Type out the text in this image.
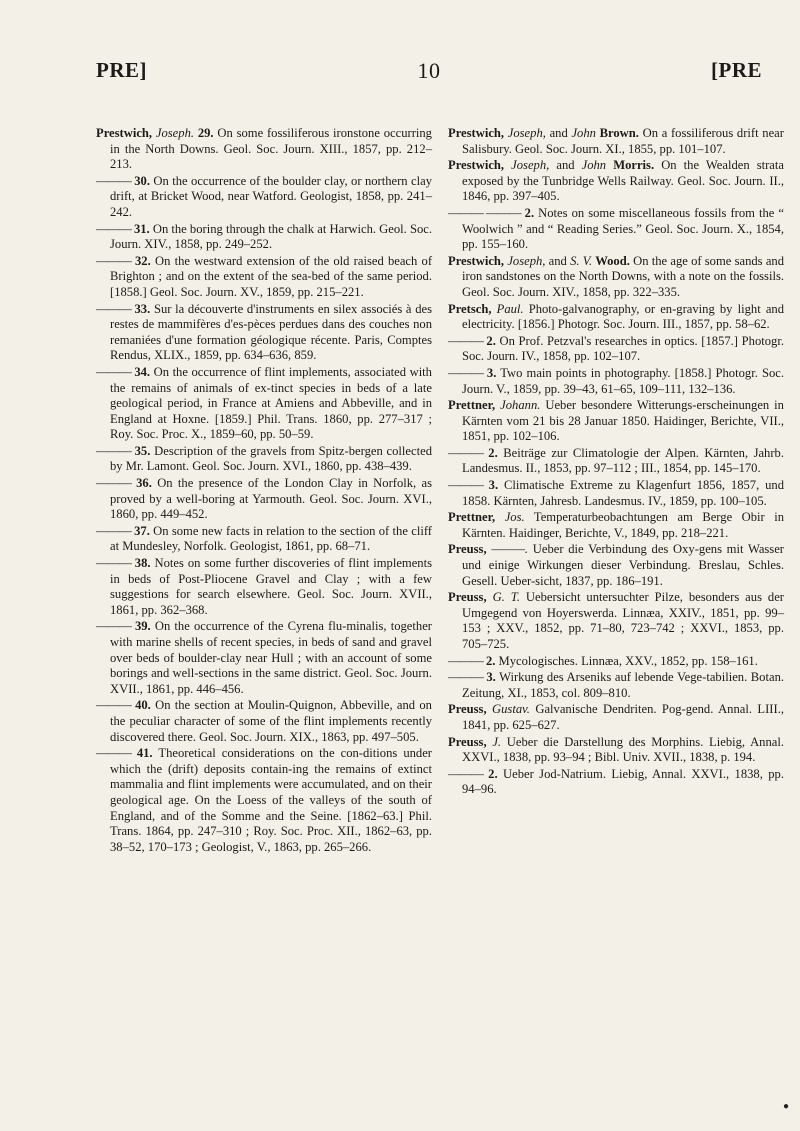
PRE]	10	[PRE

Prestwich, Joseph. 29. On some fossiliferous ironstone occurring in the North Downs. Geol. Soc. Journ. XIII., 1857, pp. 212–213.

——— 30. On the occurrence of the boulder clay, or northern clay drift, at Bricket Wood, near Watford. Geologist, 1858, pp. 241–242.

——— 31. On the boring through the chalk at Harwich. Geol. Soc. Journ. XIV., 1858, pp. 249–252.

——— 32. On the westward extension of the old raised beach of Brighton ; and on the extent of the sea-bed of the same period. [1858.] Geol. Soc. Journ. XV., 1859, pp. 215–221.

——— 33. Sur la découverte d'instruments en silex associés à des restes de mammifères d'es-pèces perdues dans des couches non remaniées d'une formation géologique récente. Paris, Comptes Rendus, XLIX., 1859, pp. 634–636, 859.

——— 34. On the occurrence of flint implements, associated with the remains of animals of ex-tinct species in beds of a late geological period, in France at Amiens and Abbeville, and in England at Hoxne. [1859.] Phil. Trans. 1860, pp. 277–317 ; Roy. Soc. Proc. X., 1859–60, pp. 50–59.

——— 35. Description of the gravels from Spitz-bergen collected by Mr. Lamont. Geol. Soc. Journ. XVI., 1860, pp. 438–439.

——— 36. On the presence of the London Clay in Norfolk, as proved by a well-boring at Yarmouth. Geol. Soc. Journ. XVI., 1860, pp. 449–452.

——— 37. On some new facts in relation to the section of the cliff at Mundesley, Norfolk. Geologist, 1861, pp. 68–71.

——— 38. Notes on some further discoveries of flint implements in beds of Post-Pliocene Gravel and Clay ; with a few suggestions for search elsewhere. Geol. Soc. Journ. XVII., 1861, pp. 362–368.

——— 39. On the occurrence of the Cyrena flu-minalis, together with marine shells of recent species, in beds of sand and gravel over beds of boulder-clay near Hull ; with an account of some borings and well-sections in the same district. Geol. Soc. Journ. XVII., 1861, pp. 446–456.

——— 40. On the section at Moulin-Quignon, Abbeville, and on the peculiar character of some of the flint implements recently discovered there. Geol. Soc. Journ. XIX., 1863, pp. 497–505.

——— 41. Theoretical considerations on the con-ditions under which the (drift) deposits contain-ing the remains of extinct mammalia and flint implements were accumulated, and on their geological age. On the Loess of the valleys of the south of England, and of the Somme and the Seine. [1862–63.] Phil. Trans. 1864, pp. 247–310 ; Roy. Soc. Proc. XII., 1862–63, pp. 38–52, 170–173 ; Geologist, V., 1863, pp. 265–266.

Prestwich, Joseph, and John Brown. On a fossiliferous drift near Salisbury. Geol. Soc. Journ. XI., 1855, pp. 101–107.

Prestwich, Joseph, and John Morris. On the Wealden strata exposed by the Tunbridge Wells Railway. Geol. Soc. Journ. II., 1846, pp. 397–405.

——— ——— 2. Notes on some miscellaneous fossils from the “ Woolwich ” and “ Reading Series.” Geol. Soc. Journ. X., 1854, pp. 155–160.

Prestwich, Joseph, and S. V. Wood. On the age of some sands and iron sandstones on the North Downs, with a note on the fossils. Geol. Soc. Journ. XIV., 1858, pp. 322–335.

Pretsch, Paul. Photo-galvanography, or en-graving by light and electricity. [1856.] Photogr. Soc. Journ. III., 1857, pp. 58–62.

——— 2. On Prof. Petzval's researches in optics. [1857.] Photogr. Soc. Journ. IV., 1858, pp. 102–107.

——— 3. Two main points in photography. [1858.] Photogr. Soc. Journ. V., 1859, pp. 39–43, 61–65, 109–111, 132–136.

Prettner, Johann. Ueber besondere Witterungs-erscheinungen in Kärnten vom 21 bis 28 Januar 1850. Haidinger, Berichte, VII., 1851, pp. 102–106.

——— 2. Beiträge zur Climatologie der Alpen. Kärnten, Jahrb. Landesmus. II., 1853, pp. 97–112 ; III., 1854, pp. 145–170.

——— 3. Climatische Extreme zu Klagenfurt 1856, 1857, und 1858. Kärnten, Jahresb. Landesmus. IV., 1859, pp. 100–105.

Prettner, Jos. Temperaturbeobachtungen am Berge Obir in Kärnten. Haidinger, Berichte, V., 1849, pp. 218–221.

Preuss, ———. Ueber die Verbindung des Oxy-gens mit Wasser und einige Wirkungen dieser Verbindung. Breslau, Schles. Gesell. Ueber-sicht, 1837, pp. 186–191.

Preuss, G. T. Uebersicht untersuchter Pilze, besonders aus der Umgegend von Hoyerswerda. Linnæa, XXIV., 1851, pp. 99–153 ; XXV., 1852, pp. 71–80, 723–742 ; XXVI., 1853, pp. 705–725.

——— 2. Mycologisches. Linnæa, XXV., 1852, pp. 158–161.

——— 3. Wirkung des Arseniks auf lebende Vege-tabilien. Botan. Zeitung, XI., 1853, col. 809–810.

Preuss, Gustav. Galvanische Dendriten. Pog-gend. Annal. LIII., 1841, pp. 625–627.

Preuss, J. Ueber die Darstellung des Morphins. Liebig, Annal. XXVI., 1838, pp. 93–94 ; Bibl. Univ. XVII., 1838, p. 194.

——— 2. Ueber Jod-Natrium. Liebig, Annal. XXVI., 1838, pp. 94–96.

●
